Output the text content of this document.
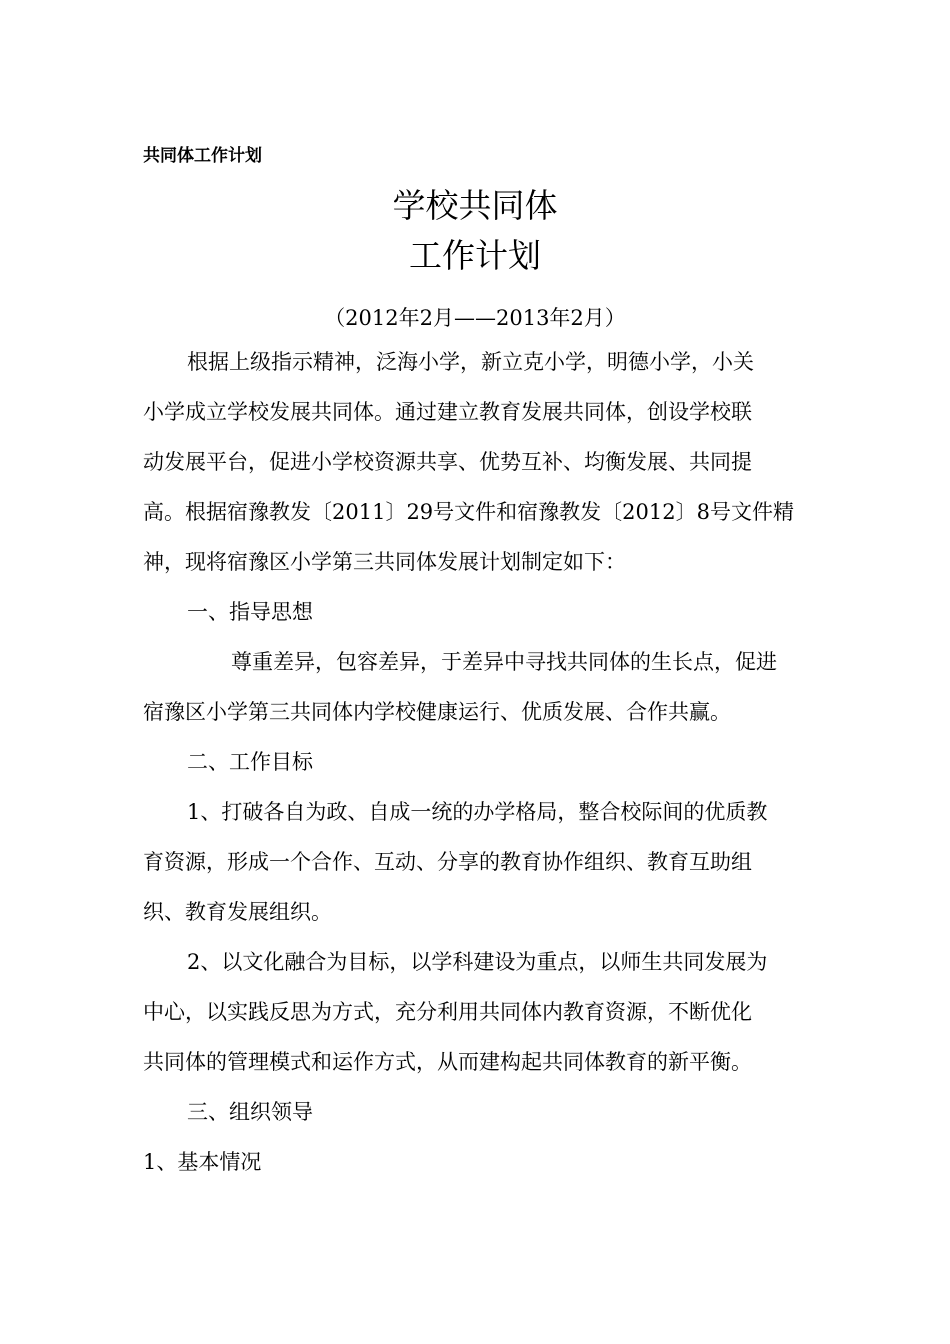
共同体工作计划
学校共同体
工作计划
（2012年2月——2013年2月）
根据上级指示精神，泛海小学，新立克小学，明德小学，小关
小学成立学校发展共同体。通过建立教育发展共同体，创设学校联
动发展平台，促进小学校资源共享、优势互补、均衡发展、共同提
高。根据宿豫教发〔2011〕29号文件和宿豫教发〔2012〕8号文件精
神，现将宿豫区小学第三共同体发展计划制定如下：
一、指导思想
尊重差异，包容差异，于差异中寻找共同体的生长点，促进
宿豫区小学第三共同体内学校健康运行、优质发展、合作共赢。
二、工作目标
1、打破各自为政、自成一统的办学格局，整合校际间的优质教
育资源，形成一个合作、互动、分享的教育协作组织、教育互助组
织、教育发展组织。
2、以文化融合为目标，以学科建设为重点，以师生共同发展为
中心，以实践反思为方式，充分利用共同体内教育资源，不断优化
共同体的管理模式和运作方式，从而建构起共同体教育的新平衡。
三、组织领导
1、基本情况
